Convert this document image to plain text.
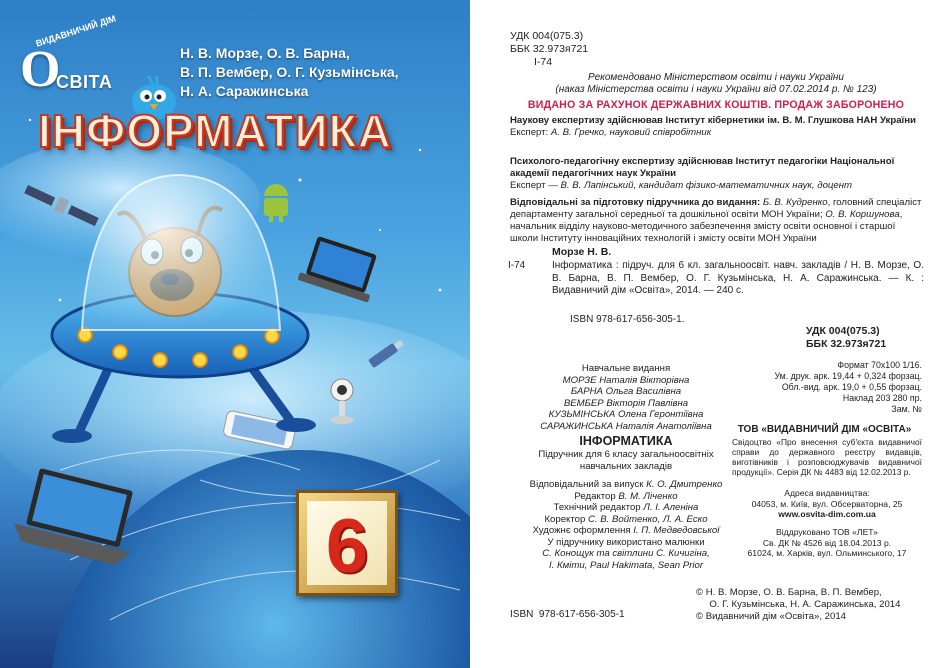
ВИДАВНИЧИЙ ДІМ
О
СВІТА
Н. В. Морзе, О. В. Барна,
В. П. Вембер, О. Г. Кузьмінська,
Н. А. Саражинська
ІНФОРМАТИКА
6
УДК 004(075.3)
ББК 32.973я721
І-74
Рекомендовано Міністерством освіти і науки України
(наказ Міністерства освіти і науки України від 07.02.2014 р. № 123)
ВИДАНО ЗА РАХУНОК ДЕРЖАВНИХ КОШТІВ. ПРОДАЖ ЗАБОРОНЕНО
Наукову експертизу здійснював Інститут кібернетики ім. В. М. Глушкова НАН України
Експерт: А. В. Гречко, науковий співробітник
Психолого-педагогічну експертизу здійснював Інститут педагогіки Національної академії педагогічних наук України
Експерт — В. В. Лапінський, кандидат фізико-математичних наук, доцент
Відповідальні за підготовку підручника до видання: Б. В. Кудренко, головний спеціаліст департаменту загальної середньої та дошкільної освіти МОН України; О. В. Коршунова, начальник відділу науково-методичного забезпечення змісту освіти основної і старшої школи Інституту інноваційних технологій і змісту освіти МОН України
Морзе Н. В.
І-74	Інформатика : підруч. для 6 кл. загальноосвіт. навч. закладів / Н. В. Морзе, О. В. Барна, В. П. Вембер, О. Г. Кузьмінська, Н. А. Саражинська. — К. : Видавничий дім «Освіта», 2014. — 240 с.
ISBN 978-617-656-305-1.
УДК 004(075.3)
ББК 32.973я721
Навчальне видання
МОРЗЕ Наталія Вікторівна
БАРНА Ольга Василівна
ВЕМБЕР Вікторія Павлівна
КУЗЬМІНСЬКА Олена Геронтіївна
САРАЖИНСЬКА Наталія Анатоліївна
ІНФОРМАТИКА
Підручник для 6 класу загальноосвітніх
навчальних закладів
Формат 70х100 1/16.
Ум. друк. арк. 19,44 + 0,324 форзац.
Обл.-вид. арк. 19,0 + 0,55 форзац.
Наклад 203 280 пр.
Зам. №
ТОВ «ВИДАВНИЧИЙ ДІМ «ОСВІТА»
Свідоцтво «Про внесення суб'єкта видавничої справи до державного реєстру видавців, виготівників і розповсюджувачів видавничої продукції». Серія ДК № 4483 від 12.02.2013 р.
Адреса видавництва:
04053, м. Київ, вул. Обсерваторна, 25
www.osvita-dim.com.ua
Відповідальний за випуск К. О. Дмитренко
Редактор В. М. Ліченко
Технічний редактор Л. І. Аленіна
Коректор С. В. Войтенко, Л. А. Еско
Художнє оформлення І. П. Медведовської
У підручнику використано малюнки
С. Конощук та світлини С. Кичигіна,
І. Кміти, Paul Hakimata, Sean Prior
Віддруковано ТОВ «ЛЕТ»
Св. ДК № 4526 від 18.04.2013 р.
61024, м. Харків, вул. Ольминського, 17
© Н. В. Морзе, О. В. Барна, В. П. Вембер,
О. Г. Кузьмінська, Н. А. Саражинська, 2014
© Видавничий дім «Освіта», 2014
ISBN  978-617-656-305-1
